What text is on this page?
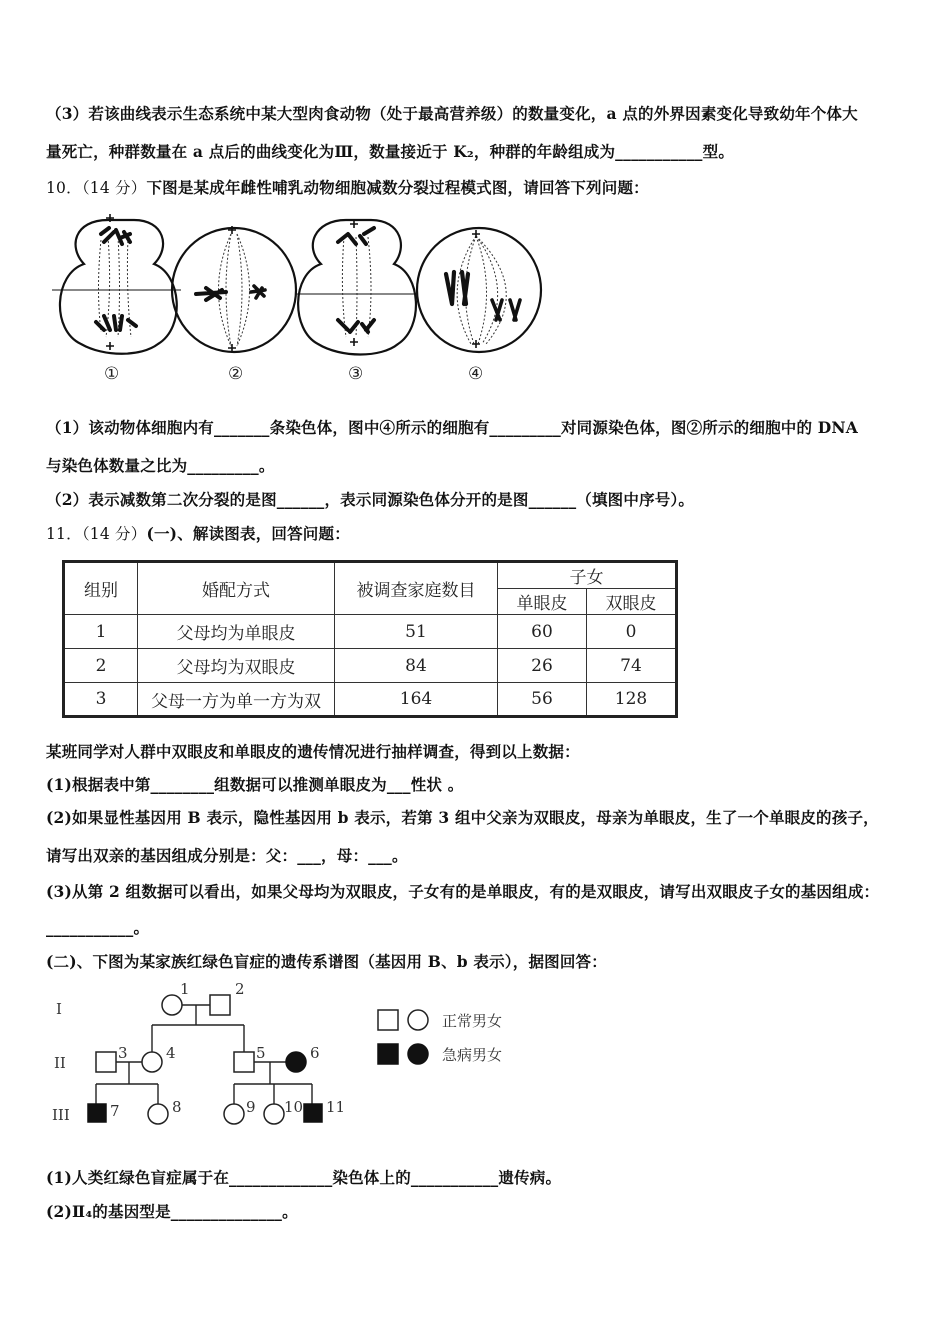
（3）若该曲线表示生态系统中某大型肉食动物（处于最高营养级）的数量变化，a 点的外界因素变化导致幼年个体大
量死亡，种群数量在 a 点后的曲线变化为Ⅲ，数量接近于 K₂，种群的年龄组成为___________型。
10．（14 分）下图是某成年雌性哺乳动物细胞减数分裂过程模式图，请回答下列问题：
①	②	③	④
（1）该动物体细胞内有_______条染色体，图中④所示的细胞有_________对同源染色体，图②所示的细胞中的 DNA
与染色体数量之比为_________。
（2）表示减数第二次分裂的是图______，表示同源染色体分开的是图______（填图中序号）。
11．（14 分）(一)、解读图表，回答问题：
组别	婚配方式	被调查家庭数目	子女	
			单眼皮	双眼皮
1	父母均为单眼皮	51	60	0
2	父母均为双眼皮	84	26	74
3	父母一方为单一方为双	164	56	128
某班同学对人群中双眼皮和单眼皮的遗传情况进行抽样调查，得到以上数据：
(1)根据表中第________组数据可以推测单眼皮为___性状 。
(2)如果显性基因用 B 表示，隐性基因用 b 表示，若第 3 组中父亲为双眼皮，母亲为单眼皮，生了一个单眼皮的孩子，
请写出双亲的基因组成分别是：父：___，母：___。
(3)从第 2 组数据可以看出，如果父母均为双眼皮，子女有的是单眼皮，有的是双眼皮，请写出双眼皮子女的基因组成：
___________。
(二)、下图为某家族红绿色盲症的遗传系谱图（基因用 B、b 表示），据图回答：
I
II
III
1	2
3	4	5	6
7	8	9 10 11
正常男女
急病男女
(1)人类红绿色盲症属于在_____________染色体上的___________遗传病。
(2)Ⅱ₄的基因型是______________。
